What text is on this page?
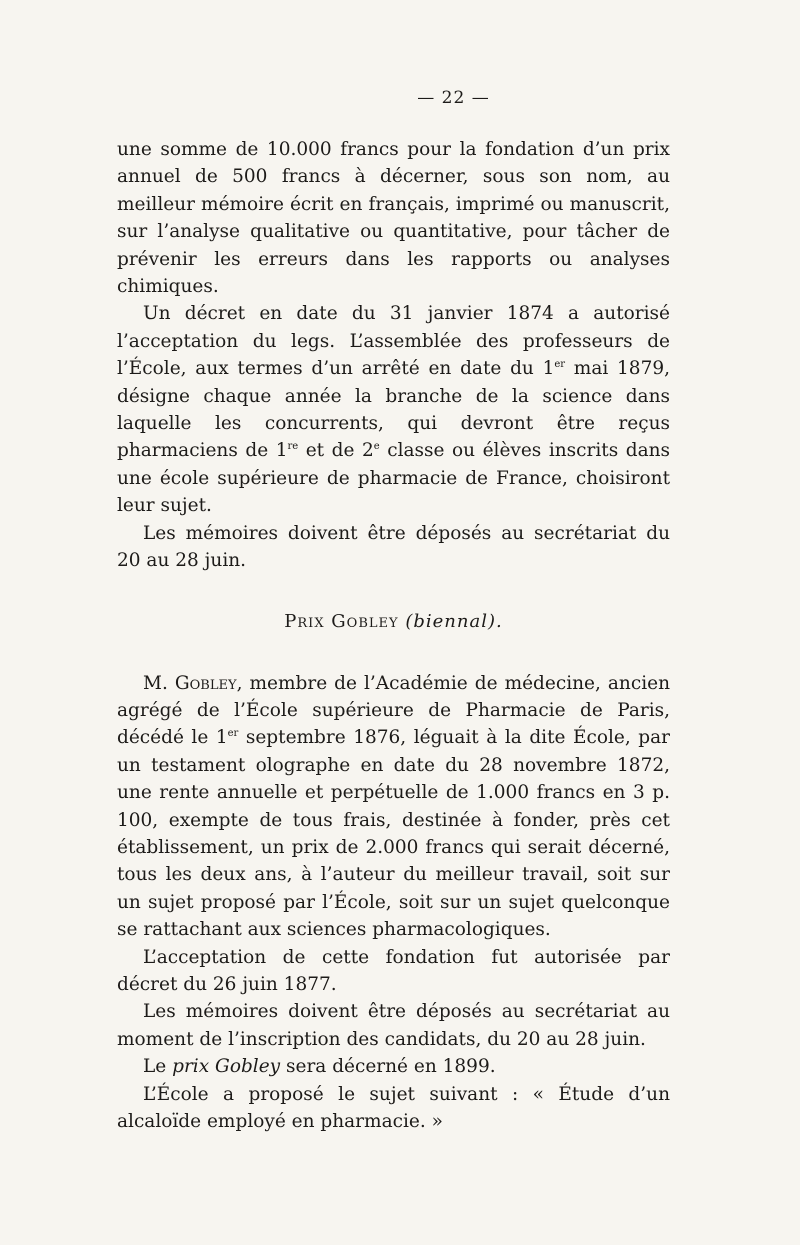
— 22 —

une somme de 10.000 francs pour la fondation d’un prix annuel de 500 francs à décerner, sous son nom, au meilleur mémoire écrit en français, imprimé ou manuscrit, sur l’analyse qualitative ou quantitative, pour tâcher de prévenir les erreurs dans les rapports ou analyses chimiques.

Un décret en date du 31 janvier 1874 a autorisé l’acceptation du legs. L’assemblée des professeurs de l’École, aux termes d’un arrêté en date du 1er mai 1879, désigne chaque année la branche de la science dans laquelle les concurrents, qui devront être reçus pharmaciens de 1re et de 2e classe ou élèves inscrits dans une école supérieure de pharmacie de France, choisiront leur sujet.

Les mémoires doivent être déposés au secrétariat du 20 au 28 juin.

Prix Gobley (biennal).

M. Gobley, membre de l’Académie de médecine, ancien agrégé de l’École supérieure de Pharmacie de Paris, décédé le 1er septembre 1876, léguait à la dite École, par un testament olographe en date du 28 novembre 1872, une rente annuelle et perpétuelle de 1.000 francs en 3 p. 100, exempte de tous frais, destinée à fonder, près cet établissement, un prix de 2.000 francs qui serait décerné, tous les deux ans, à l’auteur du meilleur travail, soit sur un sujet proposé par l’École, soit sur un sujet quelconque se rattachant aux sciences pharmacologiques.

L’acceptation de cette fondation fut autorisée par décret du 26 juin 1877.

Les mémoires doivent être déposés au secrétariat au moment de l’inscription des candidats, du 20 au 28 juin.

Le prix Gobley sera décerné en 1899.

L’École a proposé le sujet suivant : « Étude d’un alcaloïde employé en pharmacie. »
